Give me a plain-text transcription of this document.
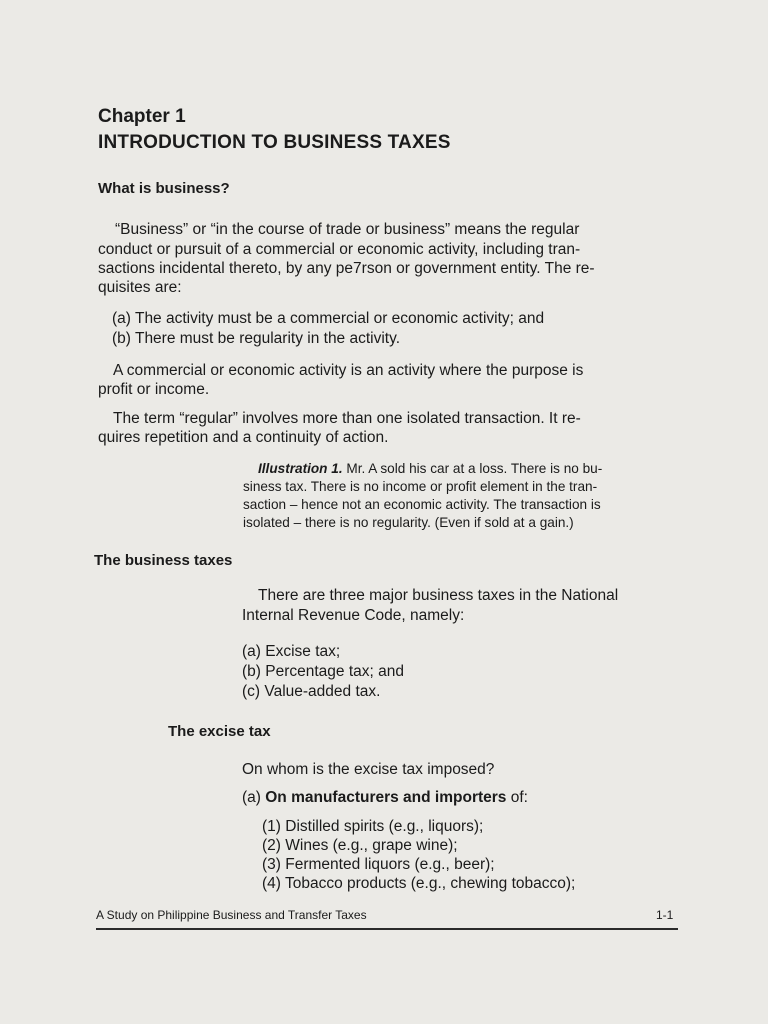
Chapter 1
INTRODUCTION TO BUSINESS TAXES
What is business?
“Business” or “in the course of trade or business” means the regular
conduct or pursuit of a commercial or economic activity, including tran-
sactions incidental thereto, by any pe7rson or government entity. The re-
quisites are:
(a) The activity must be a commercial or economic activity; and
(b) There must be regularity in the activity.
A commercial or economic activity is an activity where the purpose is
profit or income.
The term “regular” involves more than one isolated transaction. It re-
quires repetition and a continuity of action.
Illustration 1. Mr. A sold his car at a loss. There is no bu-
siness tax. There is no income or profit element in the tran-
saction – hence not an economic activity. The transaction is
isolated – there is no regularity. (Even if sold at a gain.)
The business taxes
There are three major business taxes in the National
Internal Revenue Code, namely:
(a) Excise tax;
(b) Percentage tax; and
(c) Value-added tax.
The excise tax
On whom is the excise tax imposed?
(a) On manufacturers and importers of:
(1) Distilled spirits (e.g., liquors);
(2) Wines (e.g., grape wine);
(3) Fermented liquors (e.g., beer);
(4) Tobacco products (e.g., chewing tobacco);
A Study on Philippine Business and Transfer Taxes	1-1
